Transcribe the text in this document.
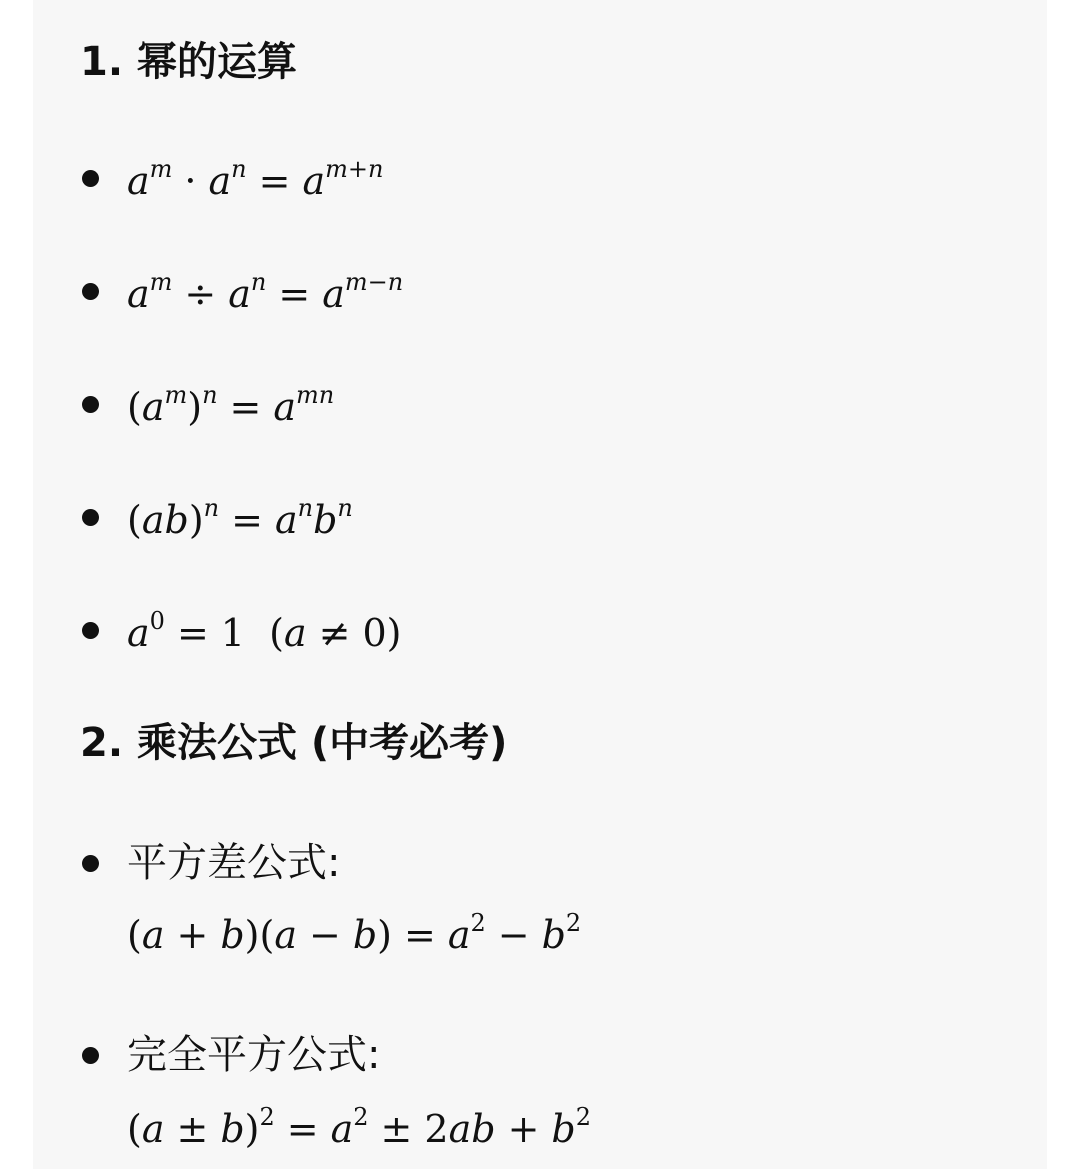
1. 幂的运算
$a^m \cdot a^n = a^{m+n}$
$a^m \div a^n = a^{m-n}$
$(a^m)^n = a^{mn}$
$(ab)^n = a^nb^n$
$a^0 = 1$  (a ≠ 0)
2. 乘法公式 (中考必考)
平方差公式:
$(a + b)(a - b) = a^2 - b^2$
完全平方公式:
$(a \pm b)^2 = a^2 \pm 2ab + b^2$
